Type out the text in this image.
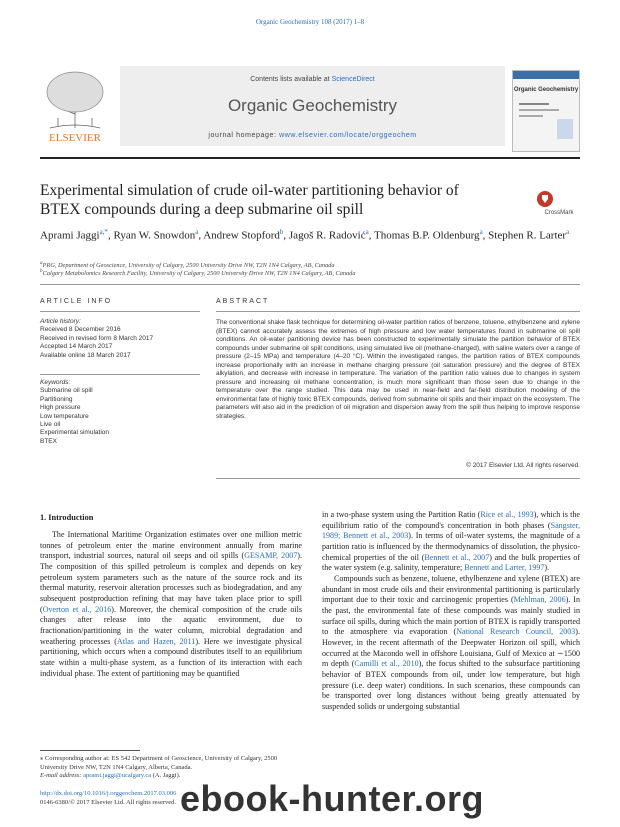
Organic Geochemistry 108 (2017) 1–8
ELSEVIER
Contents lists available at ScienceDirect
Organic Geochemistry
journal homepage: www.elsevier.com/locate/orggeochem
Organic Geochemistry
Experimental simulation of crude oil-water partitioning behavior of BTEX compounds during a deep submarine oil spill	CrossMark
Aprami Jaggi$^{a,*}$, Ryan W. Snowdon$^a$, Andrew Stopford$^b$, Jagoš R. Radović$^a$, Thomas B.P. Oldenburg$^a$, Stephen R. Larter$^a$
$^a$PRG, Department of Geoscience, University of Calgary, 2500 University Drive NW, T2N 1N4 Calgary, AB, Canada
$^b$Calgary Metabolomics Research Facility, University of Calgary, 2500 University Drive NW, T2N 1N4 Calgary, AB, Canada
ARTICLE INFO	ABSTRACT
Article history:
Received 8 December 2016
Received in revised form 8 March 2017
Accepted 14 March 2017
Available online 18 March 2017
Keywords:
Submarine oil spill
Partitioning
High pressure
Low temperature
Live oil
Experimental simulation
BTEX
The conventional shake flask technique for determining oil-water partition ratios of benzene, toluene, ethylbenzene and xylene (BTEX) cannot accurately assess the extremes of high pressure and low water temperatures found in submarine oil spill conditions. An oil-water partitioning device has been constructed to experimentally simulate the partition behavior of BTEX compounds under submarine oil spill conditions, using simulated live oil (methane-charged), with saline waters over a range of pressure (2–15 MPa) and temperature (4–20 °C). Within the investigated ranges, the partition ratios of BTEX compounds increase proportionally with an increase in methane charging pressure (oil saturation pressure) and the degree of BTEX alkylation, and decrease with increase in temperature. The variation of the partition ratio values due to changes in system pressure and increasing oil methane concentration, is much more significant than those seen due to change in the temperature over the range studied. This data may be used in near-field and far-field distribution modeling of the environmental fate of highly toxic BTEX compounds, derived from submarine oil spills and their impact on the ecosystem. The parameters will also aid in the prediction of oil migration and dispersion away from the spill thus helping to improve response strategies.
© 2017 Elsevier Ltd. All rights reserved.
1. Introduction

The International Maritime Organization estimates over one million metric tonnes of petroleum enter the marine environment annually from marine transport, industrial sources, natural oil seeps and oil spills (GESAMP, 2007). The composition of this spilled petroleum is complex and depends on key petroleum system parameters such as the nature of the source rock and its thermal maturity, reservoir alteration processes such as biodegradation, and any subsequent postproduction refining that may have taken place prior to spill (Overton et al., 2016). Moreover, the chemical composition of the crude oils changes after release into the aquatic environment, due to fractionation/partitioning in the water column, microbial degradation and weathering processes (Atlas and Hazen, 2011). Here we investigate physical partitioning, which occurs when a compound distributes itself to an equilibrium state within a multi-phase system, as a function of its interaction with each individual phase. The extent of partitioning may be quantified

in a two-phase system using the Partition Ratio (Rice et al., 1993), which is the equilibrium ratio of the compound's concentration in both phases (Sangster, 1989; Bennett et al., 2003). In terms of oil-water systems, the magnitude of a partition ratio is influenced by the thermodynamics of dissolution, the physico-chemical properties of the oil (Bennett et al., 2007) and the bulk properties of the water system (e.g. salinity, temperature; Bennett and Larter, 1997).

Compounds such as benzene, toluene, ethylbenzene and xylene (BTEX) are abundant in most crude oils and their environmental partitioning is particularly important due to their toxic and carcinogenic properties (Mehlman, 2006). In the past, the environmental fate of these compounds was mainly studied in surface oil spills, during which the main portion of BTEX is rapidly transported to the atmosphere via evaporation (National Research Council, 2003). However, in the recent aftermath of the Deepwater Horizon oil spill, which occurred at the Macondo well in offshore Louisiana, Gulf of Mexico at ∼1500 m depth (Camilli et al., 2010), the focus shifted to the subsurface partitioning behavior of BTEX compounds from oil, under low temperature, but high pressure (i.e. deep water) conditions. In such scenarios, these compounds can be transported over long distances without being greatly attenuated by suspended solids or undergoing substantial

⁎ Corresponding author at: ES 542 Department of Geoscience, University of Calgary, 2500 University Drive NW, T2N 1N4 Calgary, Alberta, Canada.
E-mail address: aprami.jaggi@ucalgary.ca (A. Jaggi).
http://dx.doi.org/10.1016/j.orggeochem.2017.03.006
0146-6380/© 2017 Elsevier Ltd. All rights reserved. ebook-hunter.org
